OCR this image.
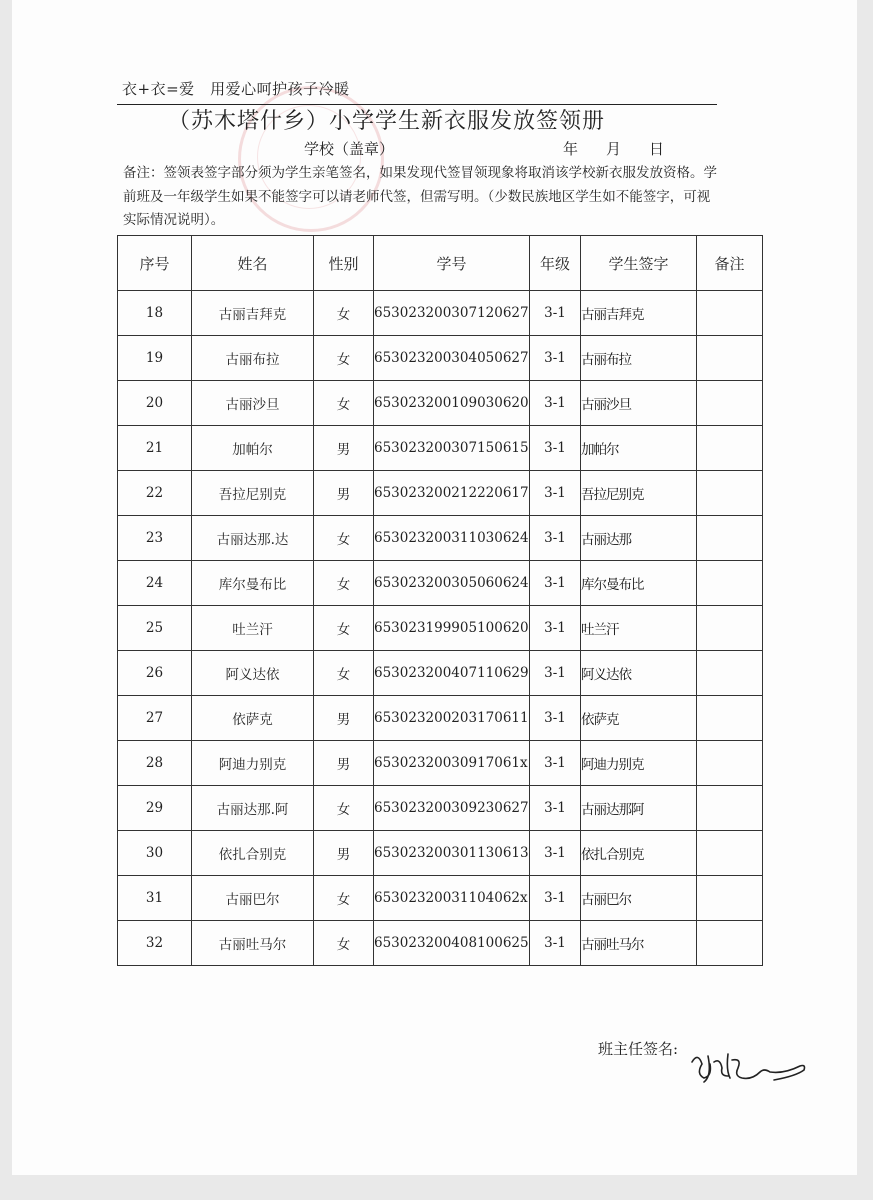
衣+衣=爱　用爱心呵护孩子冷暖
（苏木塔什乡）小学学生新衣服发放签领册
学校（盖章）	年月日
备注：签领表签字部分须为学生亲笔签名，如果发现代签冒领现象将取消该学校新衣服发放资格。学前班及一年级学生如果不能签字可以请老师代签，但需写明。（少数民族地区学生如不能签字，可视实际情况说明）。
序号	姓名	性别	学号	年级	学生签字	备注
18	古丽吉拜克	女	653023200307120627	3-1	古丽吉拜克	
19	古丽布拉	女	653023200304050627	3-1	古丽布拉	
20	古丽沙旦	女	653023200109030620	3-1	古丽沙旦	
21	加帕尔	男	653023200307150615	3-1	加帕尔	
22	吾拉尼别克	男	653023200212220617	3-1	吾拉尼别克	
23	古丽达那.达	女	653023200311030624	3-1	古丽达那	
24	库尔曼布比	女	653023200305060624	3-1	库尔曼布比	
25	吐兰汗	女	653023199905100620	3-1	吐兰汗	
26	阿义达依	女	653023200407110629	3-1	阿义达依	
27	依萨克	男	653023200203170611	3-1	依萨克	
28	阿迪力别克	男	65302320030917061x	3-1	阿迪力别克	
29	古丽达那.阿	女	653023200309230627	3-1	古丽达那阿	
30	依扎合别克	男	653023200301130613	3-1	依扎合别克	
31	古丽巴尔	女	65302320031104062x	3-1	古丽巴尔	
32	古丽吐马尔	女	653023200408100625	3-1	古丽吐马尔	
班主任签名:
